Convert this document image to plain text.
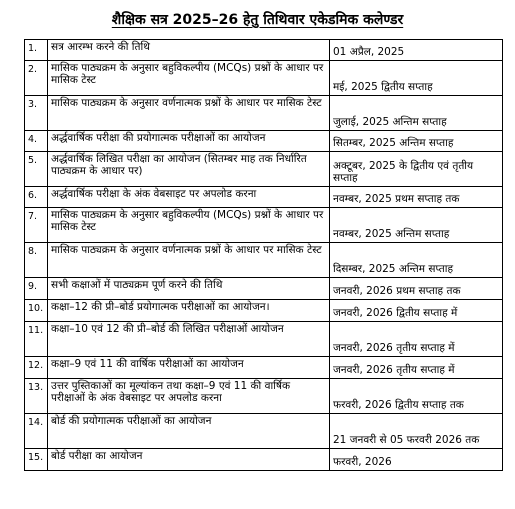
शैक्षिक सत्र 2025–26 हेतु तिथिवार एकेडमिक कलेण्डर
1.	सत्र आरम्भ करने की तिथि	01 अप्रैल, 2025
2.	मासिक पाठ्यक्रम के अनुसार बहुविकल्पीय (MCQs) प्रश्नों के आधार पर मासिक टेस्ट	मई, 2025 द्वितीय सप्ताह
3.	मासिक पाठ्यक्रम के अनुसार वर्णनात्मक प्रश्नों के आधार पर मासिक टेस्ट	जुलाई, 2025 अन्तिम सप्ताह
4.	अर्द्धवार्षिक परीक्षा की प्रयोगात्मक परीक्षाओं का आयोजन	सितम्बर, 2025 अन्तिम सप्ताह
5.	अर्द्धवार्षिक लिखित परीक्षा का आयोजन (सितम्बर माह तक निर्धारित पाठ्यक्रम के आधार पर)	अक्टूबर, 2025 के द्वितीय एवं तृतीय सप्ताह
6.	अर्द्धवार्षिक परीक्षा के अंक वेबसाइट पर अपलोड करना	नवम्बर, 2025 प्रथम सप्ताह तक
7.	मासिक पाठ्यक्रम के अनुसार बहुविकल्पीय (MCQs) प्रश्नों के आधार पर मासिक टेस्ट	नवम्बर, 2025 अन्तिम सप्ताह
8.	मासिक पाठ्यक्रम के अनुसार वर्णनात्मक प्रश्नों के आधार पर मासिक टेस्ट	दिसम्बर, 2025 अन्तिम सप्ताह
9.	सभी कक्षाओं में पाठ्यक्रम पूर्ण करने की तिथि	जनवरी, 2026 प्रथम सप्ताह तक
10.	कक्षा–12 की प्री–बोर्ड प्रयोगात्मक परीक्षाओं का आयोजन।	जनवरी, 2026 द्वितीय सप्ताह में
11.	कक्षा–10 एवं 12 की प्री–बोर्ड की लिखित परीक्षाओं आयोजन	जनवरी, 2026 तृतीय सप्ताह में
12.	कक्षा–9 एवं 11 की वार्षिक परीक्षाओं का आयोजन	जनवरी, 2026 तृतीय सप्ताह में
13.	उत्तर पुस्तिकाओं का मूल्यांकन तथा कक्षा–9 एवं 11 की वार्षिक परीक्षाओं के अंक वेबसाइट पर अपलोड करना	फरवरी, 2026 द्वितीय सप्ताह तक
14.	बोर्ड की प्रयोगात्मक परीक्षाओं का आयोजन	21 जनवरी से 05 फरवरी 2026 तक
15.	बोर्ड परीक्षा का आयोजन	फरवरी, 2026
